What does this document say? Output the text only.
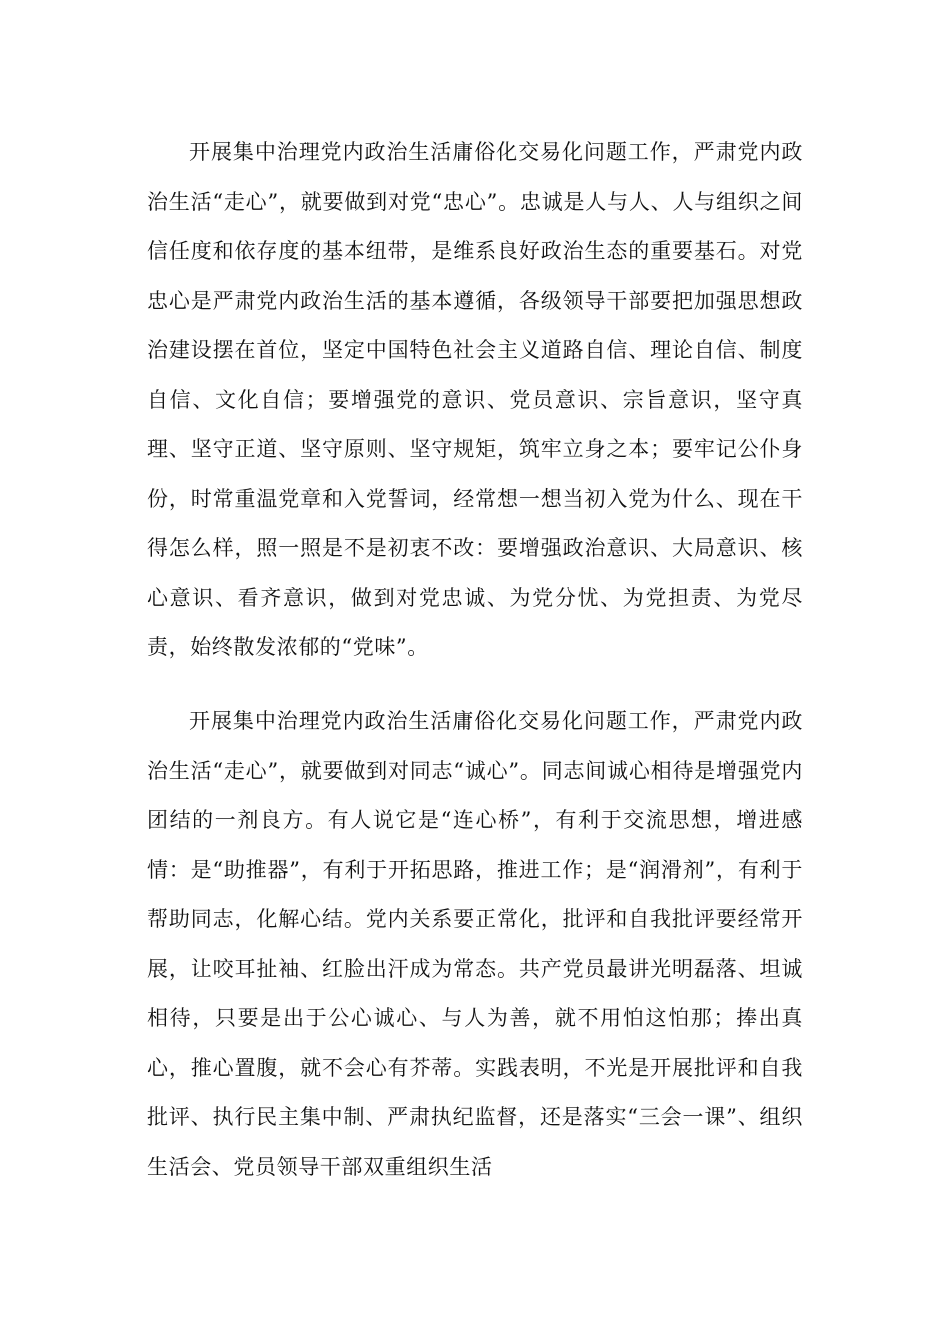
开展集中治理党内政治生活庸俗化交易化问题工作，严肃党内政治生活“走心”，就要做到对党“忠心”。忠诚是人与人、人与组织之间信任度和依存度的基本纽带，是维系良好政治生态的重要基石。对党忠心是严肃党内政治生活的基本遵循，各级领导干部要把加强思想政治建设摆在首位，坚定中国特色社会主义道路自信、理论自信、制度自信、文化自信；要增强党的意识、党员意识、宗旨意识，坚守真理、坚守正道、坚守原则、坚守规矩，筑牢立身之本；要牢记公仆身份，时常重温党章和入党誓词，经常想一想当初入党为什么、现在干得怎么样，照一照是不是初衷不改：要增强政治意识、大局意识、核心意识、看齐意识，做到对党忠诚、为党分忧、为党担责、为党尽责，始终散发浓郁的“党味”。

开展集中治理党内政治生活庸俗化交易化问题工作，严肃党内政治生活“走心”，就要做到对同志“诚心”。同志间诚心相待是增强党内团结的一剂良方。有人说它是“连心桥”，有利于交流思想，增进感情：是“助推器”，有利于开拓思路，推进工作；是“润滑剂”，有利于帮助同志，化解心结。党内关系要正常化，批评和自我批评要经常开展，让咬耳扯袖、红脸出汗成为常态。共产党员最讲光明磊落、坦诚相待，只要是出于公心诚心、与人为善，就不用怕这怕那；捧出真心，推心置腹，就不会心有芥蒂。实践表明，不光是开展批评和自我批评、执行民主集中制、严肃执纪监督，还是落实“三会一课”、组织生活会、党员领导干部双重组织生活
